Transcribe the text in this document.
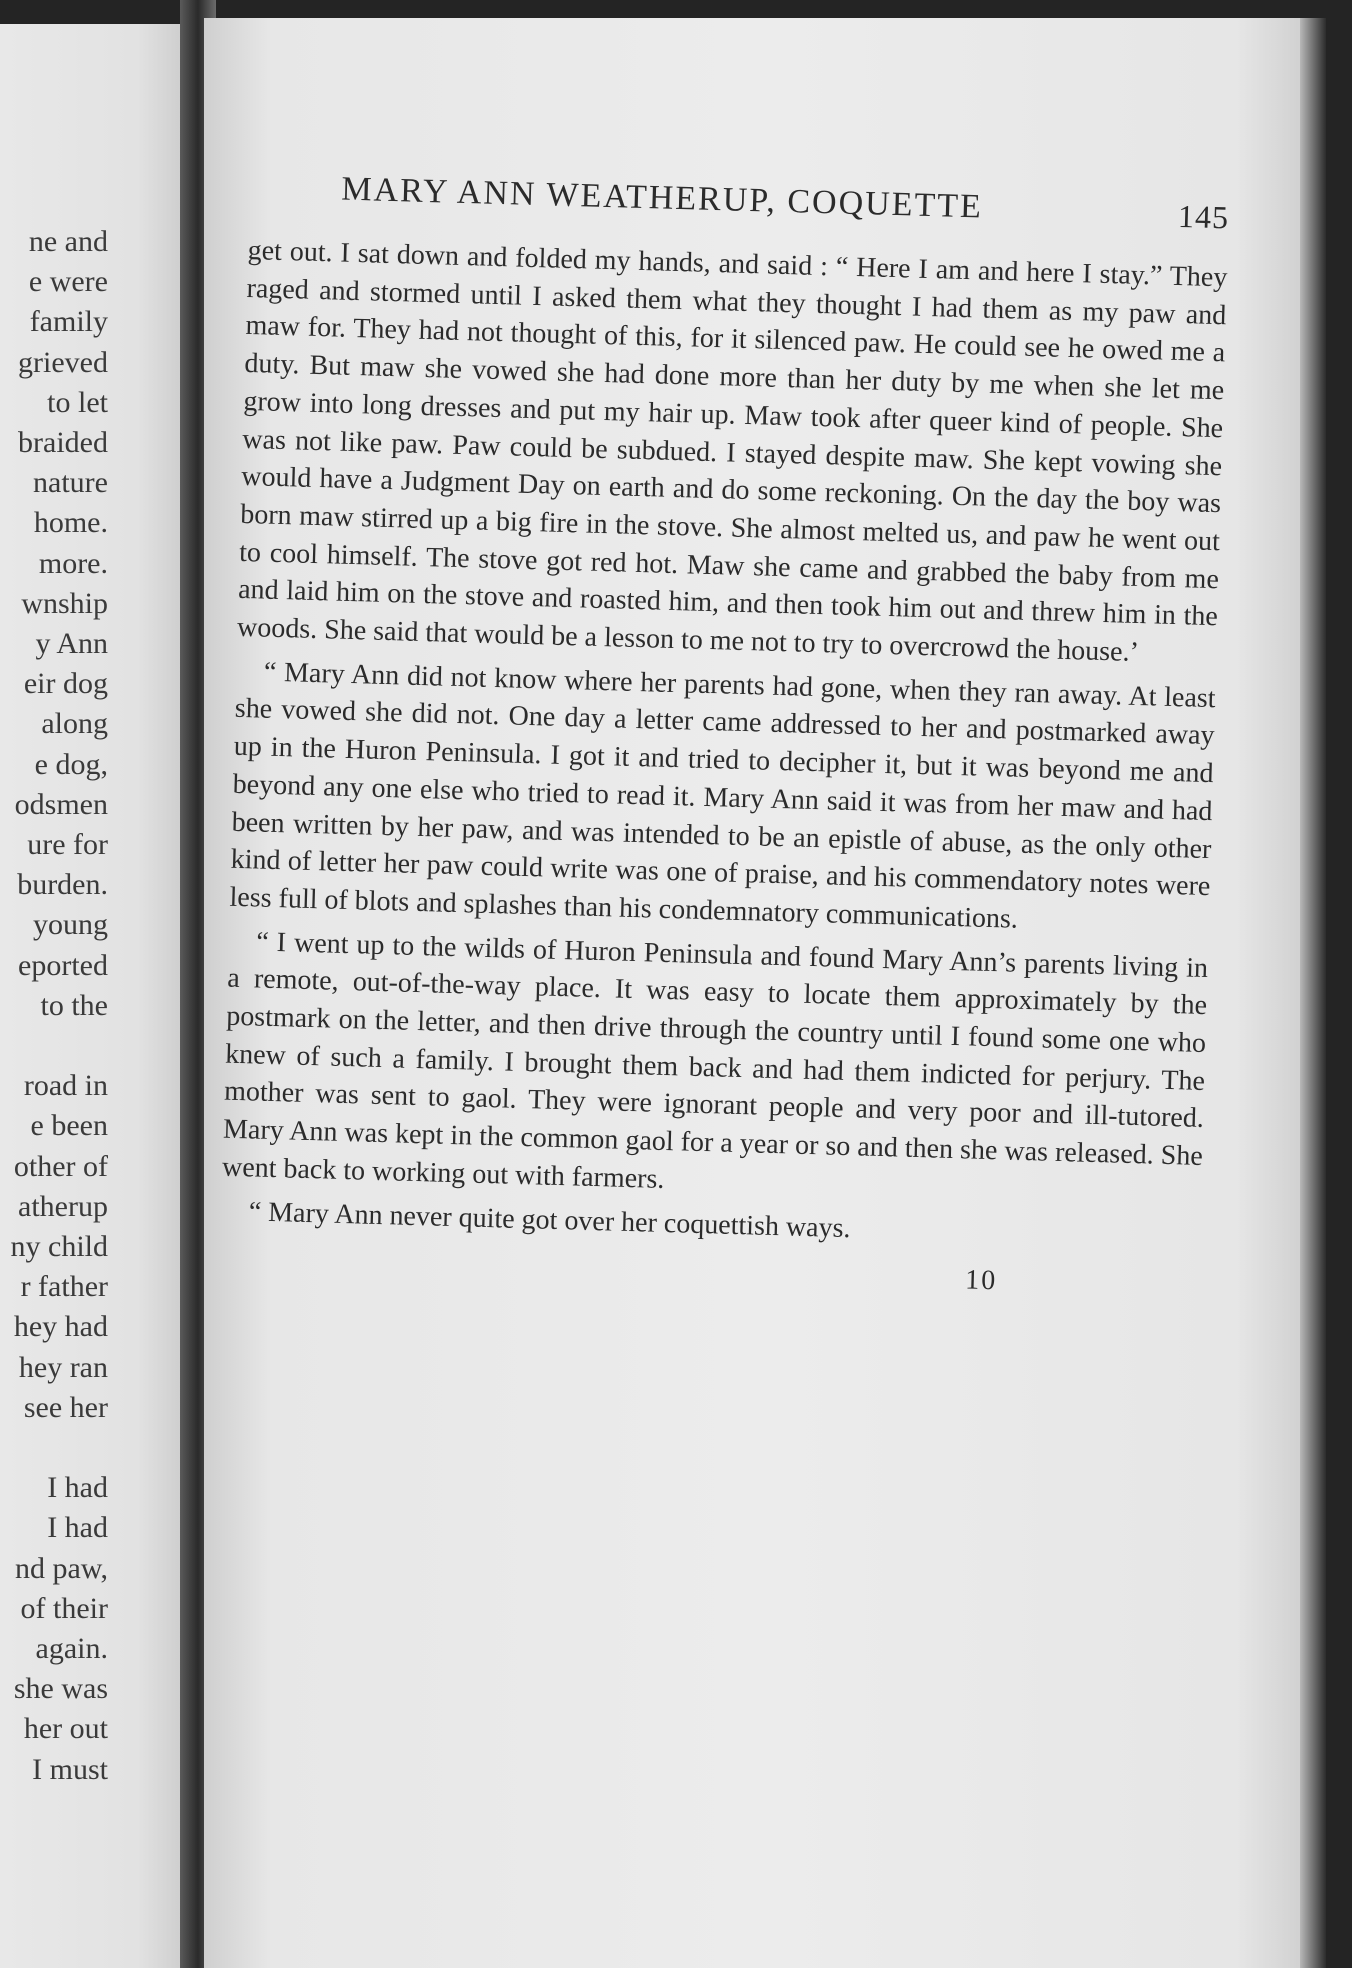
ne and
e were
family
grieved
to let
braided
nature
home.
more.
wnship
y Ann
eir dog
along
e dog,
odsmen
ure for
burden.
young
eported
to the
road in
e been
other of
atherup
ny child
r father
hey had
hey ran
see her
I had
I had
nd paw,
of their
again.
she was
her out
I must
MARY ANN WEATHERUP, COQUETTE	145

get out. I sat down and folded my hands, and said : “ Here I am and here I stay.” They raged and stormed until I asked them what they thought I had them as my paw and maw for. They had not thought of this, for it silenced paw. He could see he owed me a duty. But maw she vowed she had done more than her duty by me when she let me grow into long dresses and put my hair up. Maw took after queer kind of people. She was not like paw. Paw could be subdued. I stayed despite maw. She kept vowing she would have a Judgment Day on earth and do some reckoning. On the day the boy was born maw stirred up a big fire in the stove. She almost melted us, and paw he went out to cool himself. The stove got red hot. Maw she came and grabbed the baby from me and laid him on the stove and roasted him, and then took him out and threw him in the woods. She said that would be a lesson to me not to try to overcrowd the house.’

“ Mary Ann did not know where her parents had gone, when they ran away. At least she vowed she did not. One day a letter came addressed to her and postmarked away up in the Huron Peninsula. I got it and tried to decipher it, but it was beyond me and beyond any one else who tried to read it. Mary Ann said it was from her maw and had been written by her paw, and was intended to be an epistle of abuse, as the only other kind of letter her paw could write was one of praise, and his commendatory notes were less full of blots and splashes than his condemnatory communications.

“ I went up to the wilds of Huron Peninsula and found Mary Ann’s parents living in a remote, out-of-the-way place. It was easy to locate them approximately by the postmark on the letter, and then drive through the country until I found some one who knew of such a family. I brought them back and had them indicted for perjury. The mother was sent to gaol. They were ignorant people and very poor and ill-tutored. Mary Ann was kept in the common gaol for a year or so and then she was released. She went back to working out with farmers.

“ Mary Ann never quite got over her coquettish ways.

10
